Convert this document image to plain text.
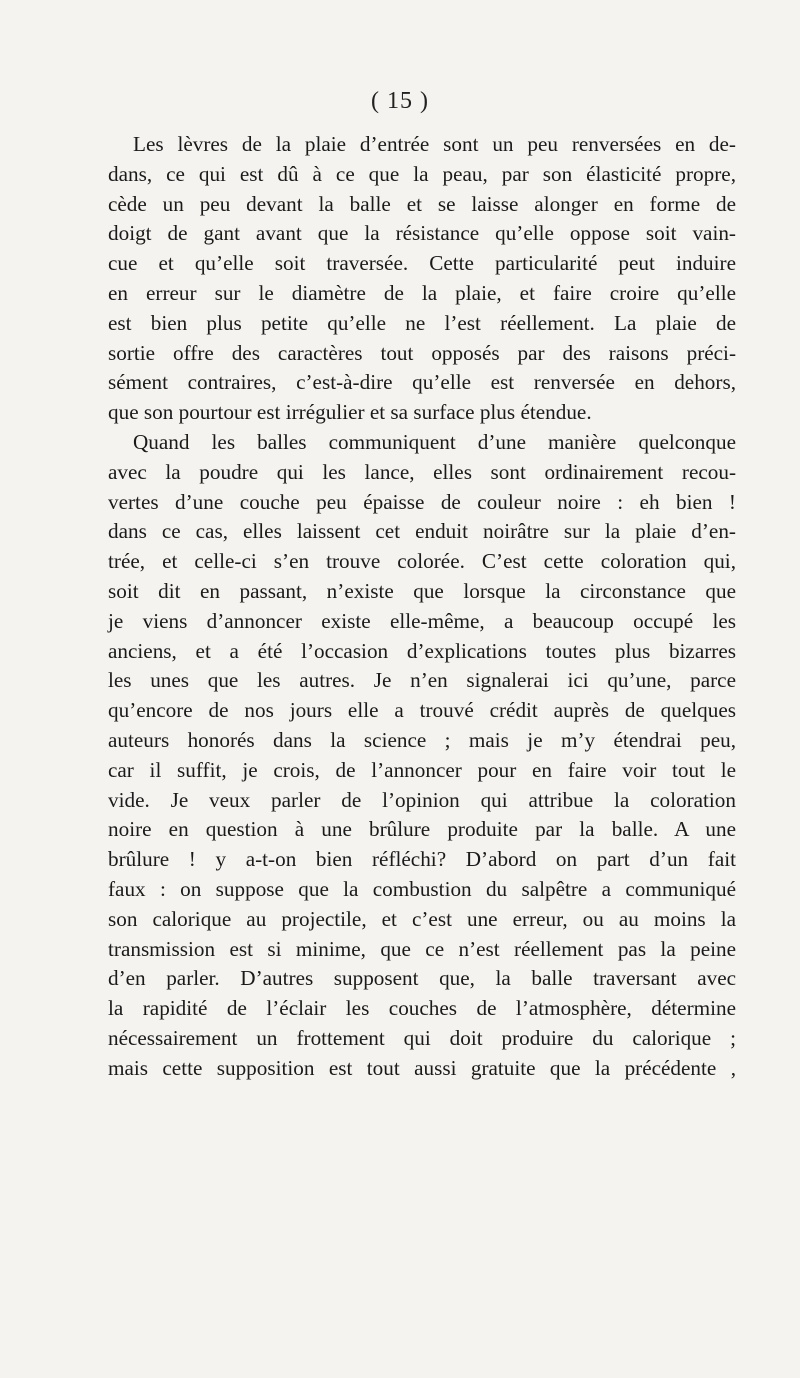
( 15 )
Les lèvres de la plaie d’entrée sont un peu renversées en de-
dans, ce qui est dû à ce que la peau, par son élasticité propre,
cède un peu devant la balle et se laisse alonger en forme de
doigt de gant avant que la résistance qu’elle oppose soit vain-
cue et qu’elle soit traversée. Cette particularité peut induire
en erreur sur le diamètre de la plaie, et faire croire qu’elle
est bien plus petite qu’elle ne l’est réellement. La plaie de
sortie offre des caractères tout opposés par des raisons préci-
sément contraires, c’est-à-dire qu’elle est renversée en dehors,
que son pourtour est irrégulier et sa surface plus étendue.
Quand les balles communiquent d’une manière quelconque
avec la poudre qui les lance, elles sont ordinairement recou-
vertes d’une couche peu épaisse de couleur noire : eh bien !
dans ce cas, elles laissent cet enduit noirâtre sur la plaie d’en-
trée, et celle-ci s’en trouve colorée. C’est cette coloration qui,
soit dit en passant, n’existe que lorsque la circonstance que
je viens d’annoncer existe elle-même, a beaucoup occupé les
anciens, et a été l’occasion d’explications toutes plus bizarres
les unes que les autres. Je n’en signalerai ici qu’une, parce
qu’encore de nos jours elle a trouvé crédit auprès de quelques
auteurs honorés dans la science ; mais je m’y étendrai peu,
car il suffit, je crois, de l’annoncer pour en faire voir tout le
vide. Je veux parler de l’opinion qui attribue la coloration
noire en question à une brûlure produite par la balle. A une
brûlure ! y a-t-on bien réfléchi? D’abord on part d’un fait
faux : on suppose que la combustion du salpêtre a communiqué
son calorique au projectile, et c’est une erreur, ou au moins la
transmission est si minime, que ce n’est réellement pas la peine
d’en parler. D’autres supposent que, la balle traversant avec
la rapidité de l’éclair les couches de l’atmosphère, détermine
nécessairement un frottement qui doit produire du calorique ;
mais cette supposition est tout aussi gratuite que la précédente ,
